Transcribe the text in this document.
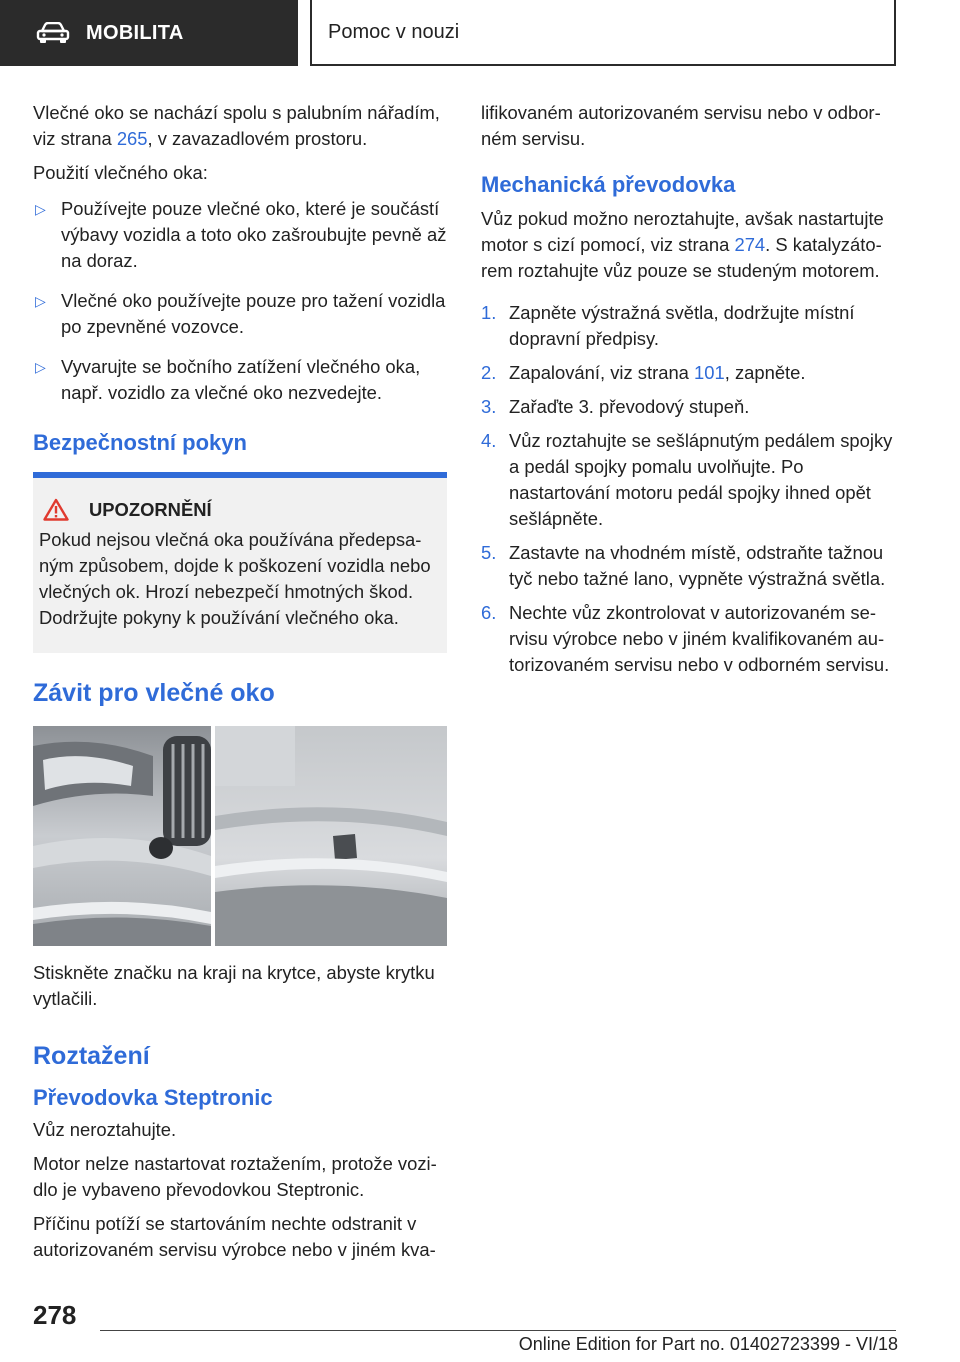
MOBILITA	Pomoc v nouzi

Vlečné oko se nachází spolu s palubním nářadím, viz strana 265, v zavazadlovém prostoru.

Použití vlečného oka:

▷ Používejte pouze vlečné oko, které je součástí výbavy vozidla a toto oko zašroubujte pevně až na doraz.
▷ Vlečné oko používejte pouze pro tažení vozidla po zpevněné vozovce.
▷ Vyvarujte se bočního zatížení vlečného oka, např. vozidlo za vlečné oko nezvedejte.
Bezpečnostní pokyn
UPOZORNĚNÍ

Pokud nejsou vlečná oka používána předepsaným způsobem, dojde k poškození vozidla nebo vlečných ok. Hrozí nebezpečí hmotných škod. Dodržujte pokyny k používání vlečného oka.

Závit pro vlečné oko

Stiskněte značku na kraji na krytce, abyste krytku vytlačili.

Roztažení
Převodovka Steptronic

Vůz neroztahujte.

Motor nelze nastartovat roztažením, protože vozidlo je vybaveno převodovkou Steptronic.

Příčinu potíží se startováním nechte odstranit v autorizovaném servisu výrobce nebo v jiném kva-

lifikovaném autorizovaném servisu nebo v odborném servisu.

Mechanická převodovka

Vůz pokud možno neroztahujte, avšak nastartujte motor s cizí pomocí, viz strana 274. S katalyzátorem roztahujte vůz pouze se studeným motorem.

1. Zapněte výstražná světla, dodržujte místní dopravní předpisy.
2. Zapalování, viz strana 101, zapněte.
3. Zařaďte 3. převodový stupeň.
4. Vůz roztahujte se sešlápnutým pedálem spojky a pedál spojky pomalu uvolňujte. Po nastartování motoru pedál spojky ihned opět sešlápněte.
5. Zastavte na vhodném místě, odstraňte tažnou tyč nebo tažné lano, vypněte výstražná světla.
6. Nechte vůz zkontrolovat v autorizovaném servisu výrobce nebo v jiném kvalifikovaném autorizovaném servisu nebo v odborném servisu.
278
Online Edition for Part no. 01402723399 - VI/18
